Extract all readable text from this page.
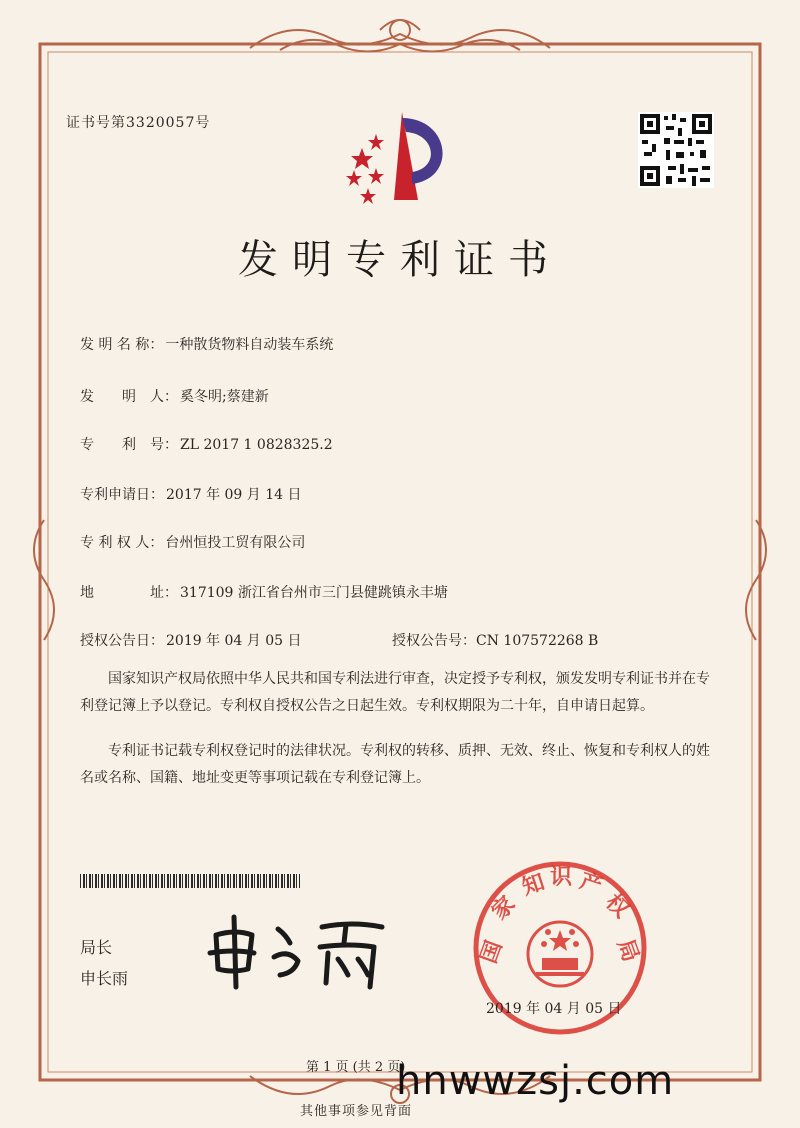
证书号第3320057号
发明专利证书
发 明 名 称： 一种散货物料自动装车系统
发　　明　人： 奚冬明;蔡建新
专　　利　号： ZL 2017 1 0828325.2
专利申请日： 2017 年 09 月 14 日
专 利 权 人： 台州恒投工贸有限公司
地　　　　址： 317109 浙江省台州市三门县健跳镇永丰塘
授权公告日： 2019 年 04 月 05 日	授权公告号：CN 107572268 B

国家知识产权局依照中华人民共和国专利法进行审查，决定授予专利权，颁发发明专利证书并在专利登记簿上予以登记。专利权自授权公告之日起生效。专利权期限为二十年，自申请日起算。

专利证书记载专利权登记时的法律状况。专利权的转移、质押、无效、终止、恢复和专利权人的姓名或名称、国籍、地址变更等事项记载在专利登记簿上。

局长
申长雨
国
家
知 识 产
权
局
2019 年 04 月 05 日
第 1 页 (共 2 页)
hnwwzsj.com
其他事项参见背面
